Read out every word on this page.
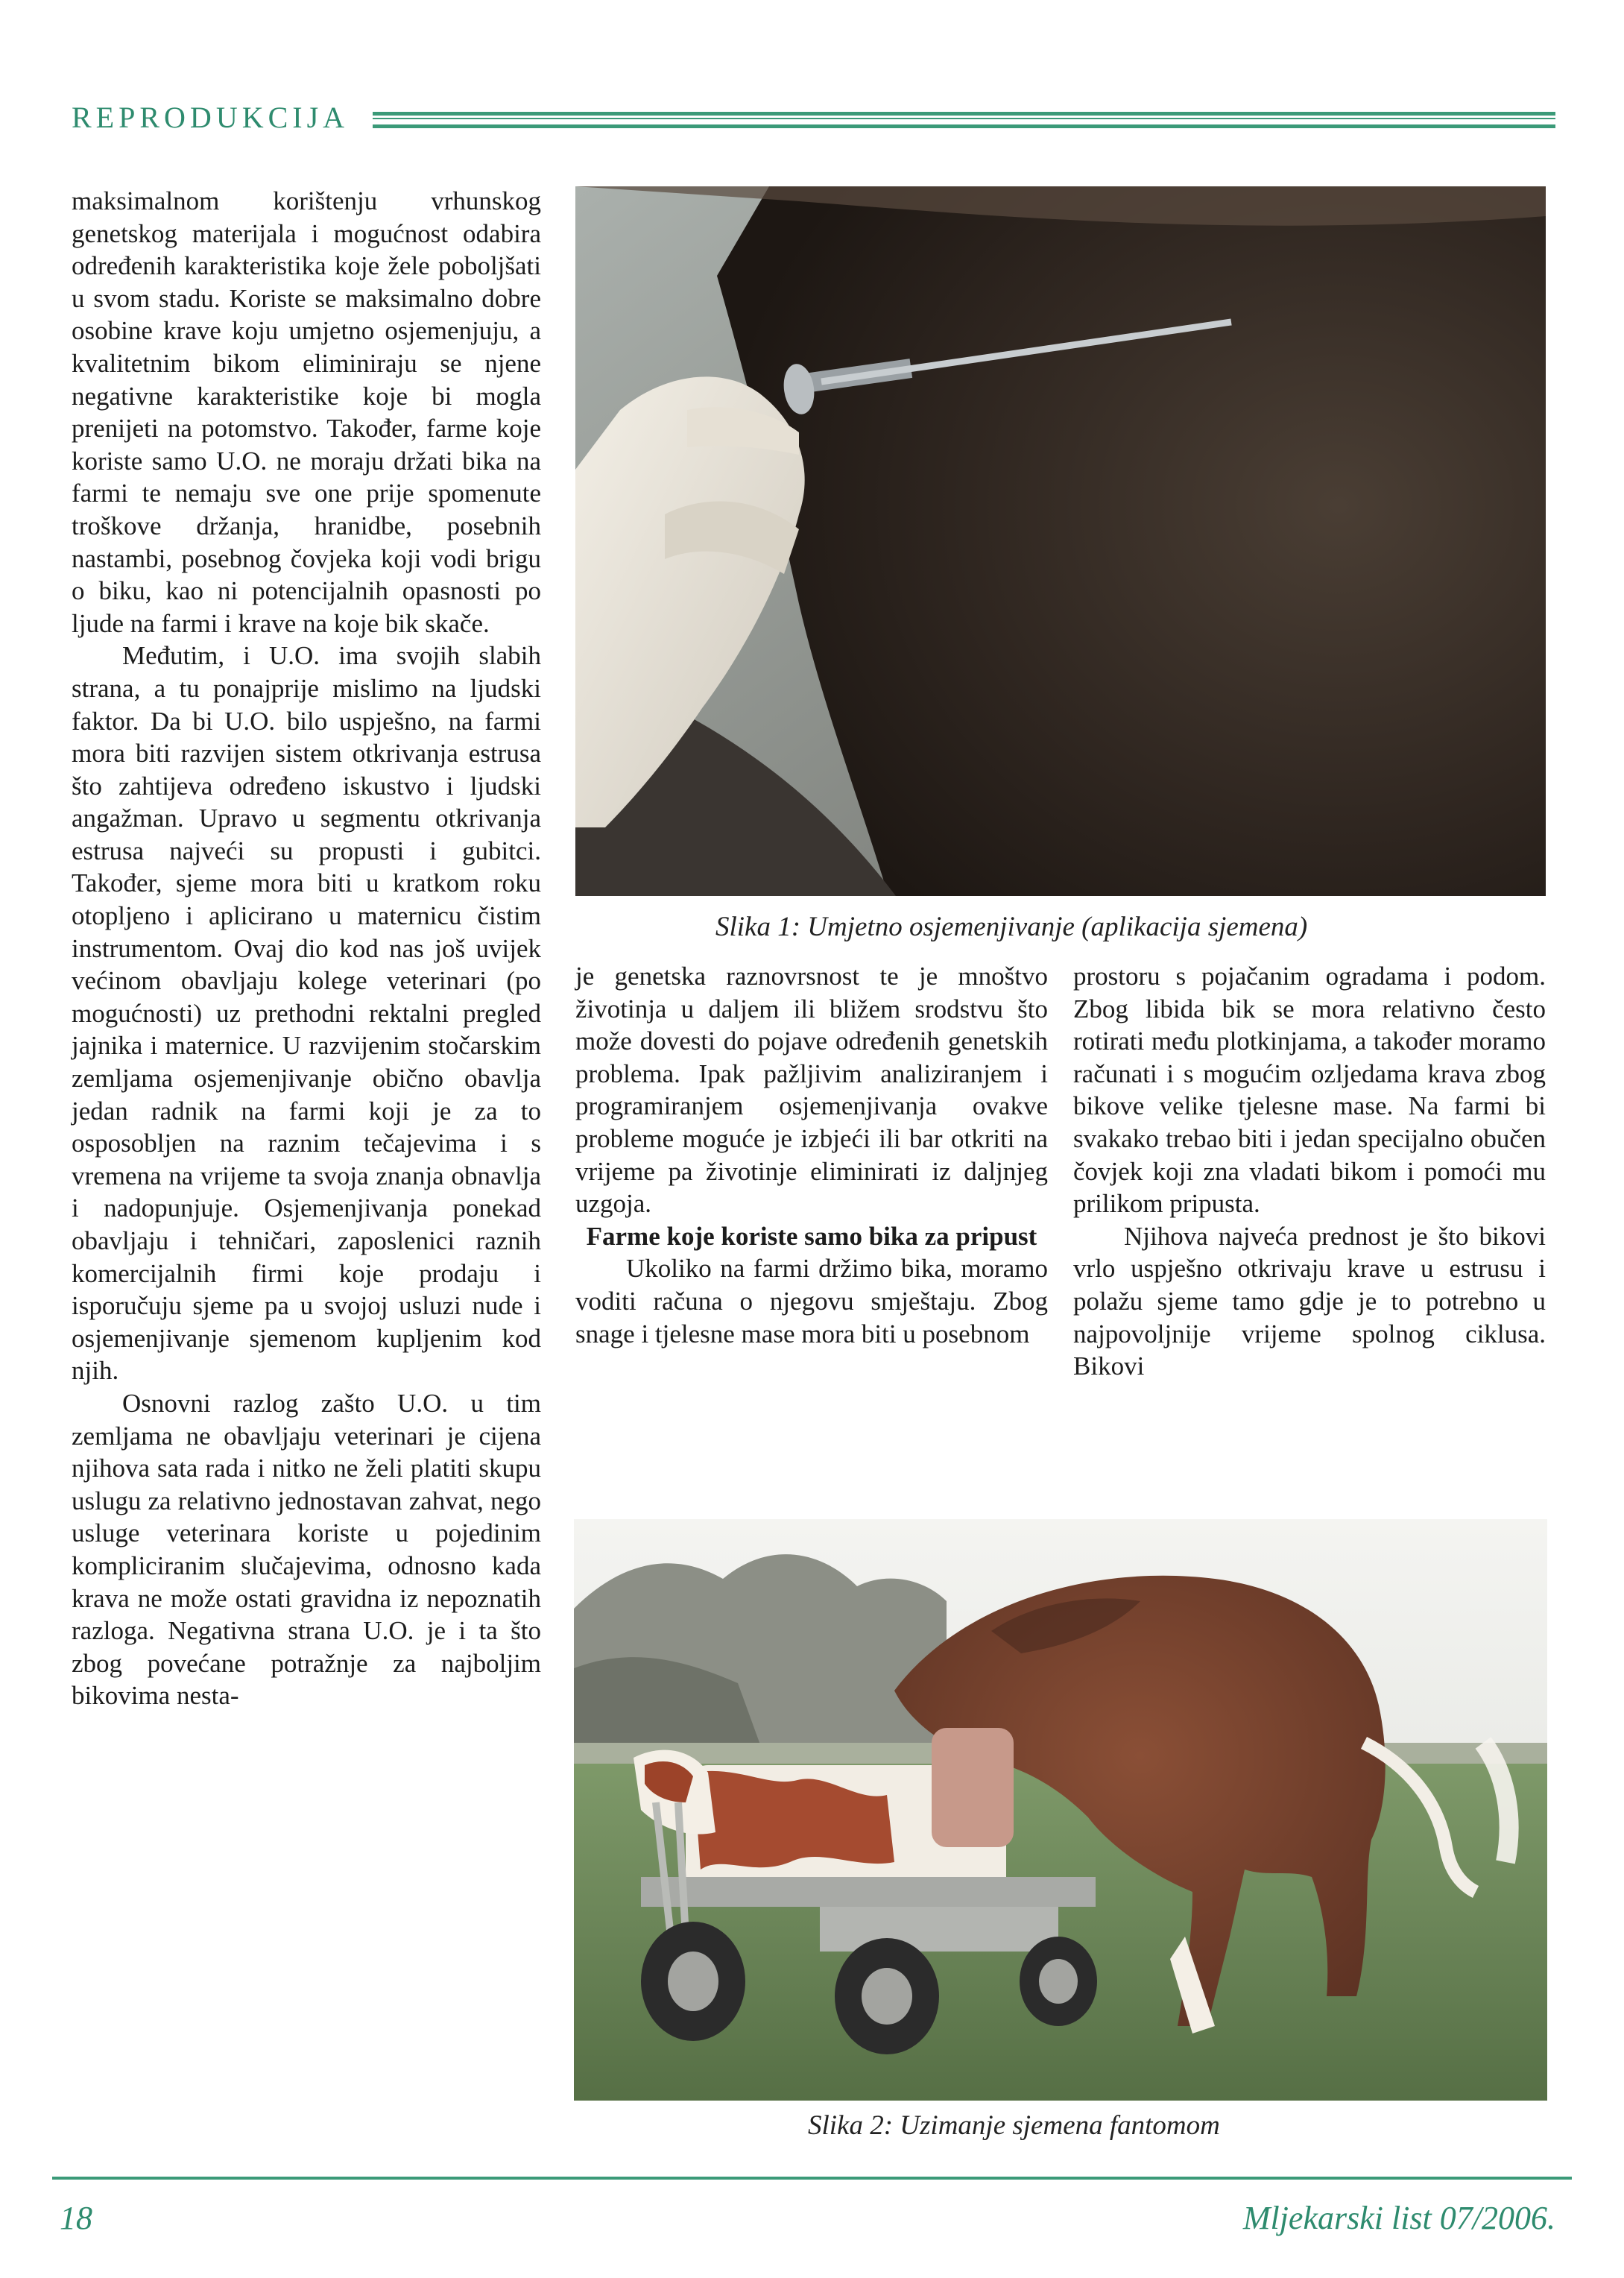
REPRODUKCIJA

maksimalnom korištenju vrhunskog genetskog materijala i mogućnost odabira određenih karakteristika koje žele poboljšati u svom stadu. Koriste se maksimalno dobre osobine krave koju umjetno osjemenjuju, a kvalitetnim bikom eliminiraju se njene negativne karakteristike koje bi mogla prenijeti na potomstvo. Također, farme koje koriste samo U.O. ne moraju držati bika na farmi te nemaju sve one prije spomenute troškove držanja, hranidbe, posebnih nastambi, posebnog čovjeka koji vodi brigu o biku, kao ni potencijalnih opasnosti po ljude na farmi i krave na koje bik skače.

Međutim, i U.O. ima svojih slabih strana, a tu ponajprije mislimo na ljudski faktor. Da bi U.O. bilo uspješno, na farmi mora biti razvijen sistem otkrivanja estrusa što zahtijeva određeno iskustvo i ljudski angažman. Upravo u segmentu otkrivanja estrusa najveći su propusti i gubitci. Također, sjeme mora biti u kratkom roku otopljeno i aplicirano u maternicu čistim instrumentom. Ovaj dio kod nas još uvijek većinom obavljaju kolege veterinari (po mogućnosti) uz prethodni rektalni pregled jajnika i maternice. U razvijenim stočarskim zemljama osjemenjivanje obično obavlja jedan radnik na farmi koji je za to osposobljen na raznim tečajevima i s vremena na vrijeme ta svoja znanja obnavlja i nadopunjuje. Osjemenjivanja ponekad obavljaju i tehničari, zaposlenici raznih komercijalnih firmi koje prodaju i isporučuju sjeme pa u svojoj usluzi nude i osjemenjivanje sjemenom kupljenim kod njih.

Osnovni razlog zašto U.O. u tim zemljama ne obavljaju veterinari je cijena njihova sata rada i nitko ne želi platiti skupu uslugu za relativno jednostavan zahvat, nego usluge veterinara koriste u pojedinim kompliciranim slučajevima, odnosno kada krava ne može ostati gravidna iz nepoznatih razloga. Negativna strana U.O. je i ta što zbog povećane potražnje za najboljim bikovima nesta-

Slika 1: Umjetno osjemenjivanje (aplikacija sjemena)

je genetska raznovrsnost te je mnoštvo životinja u daljem ili bližem srodstvu što može dovesti do pojave određenih genetskih problema. Ipak pažljivim analiziranjem i programiranjem osjemenjivanja ovakve probleme moguće je izbjeći ili bar otkriti na vrijeme pa životinje eliminirati iz daljnjeg uzgoja.

Farme koje koriste samo bika za pripust

Ukoliko na farmi držimo bika, moramo voditi računa o njegovu smještaju. Zbog snage i tjelesne mase mora biti u posebnom

prostoru s pojačanim ogradama i podom. Zbog libida bik se mora relativno često rotirati među plotkinjama, a također moramo računati i s mogućim ozljedama krava zbog bikove velike tjelesne mase. Na farmi bi svakako trebao biti i jedan specijalno obučen čovjek koji zna vladati bikom i pomoći mu prilikom pripusta.

Njihova najveća prednost je što bikovi vrlo uspješno otkrivaju krave u estrusu i polažu sjeme tamo gdje je to potrebno u najpovoljnije vrijeme spolnog ciklusa. Bikovi

Slika 2: Uzimanje sjemena fantomom
18	Mljekarski list 07/2006.
